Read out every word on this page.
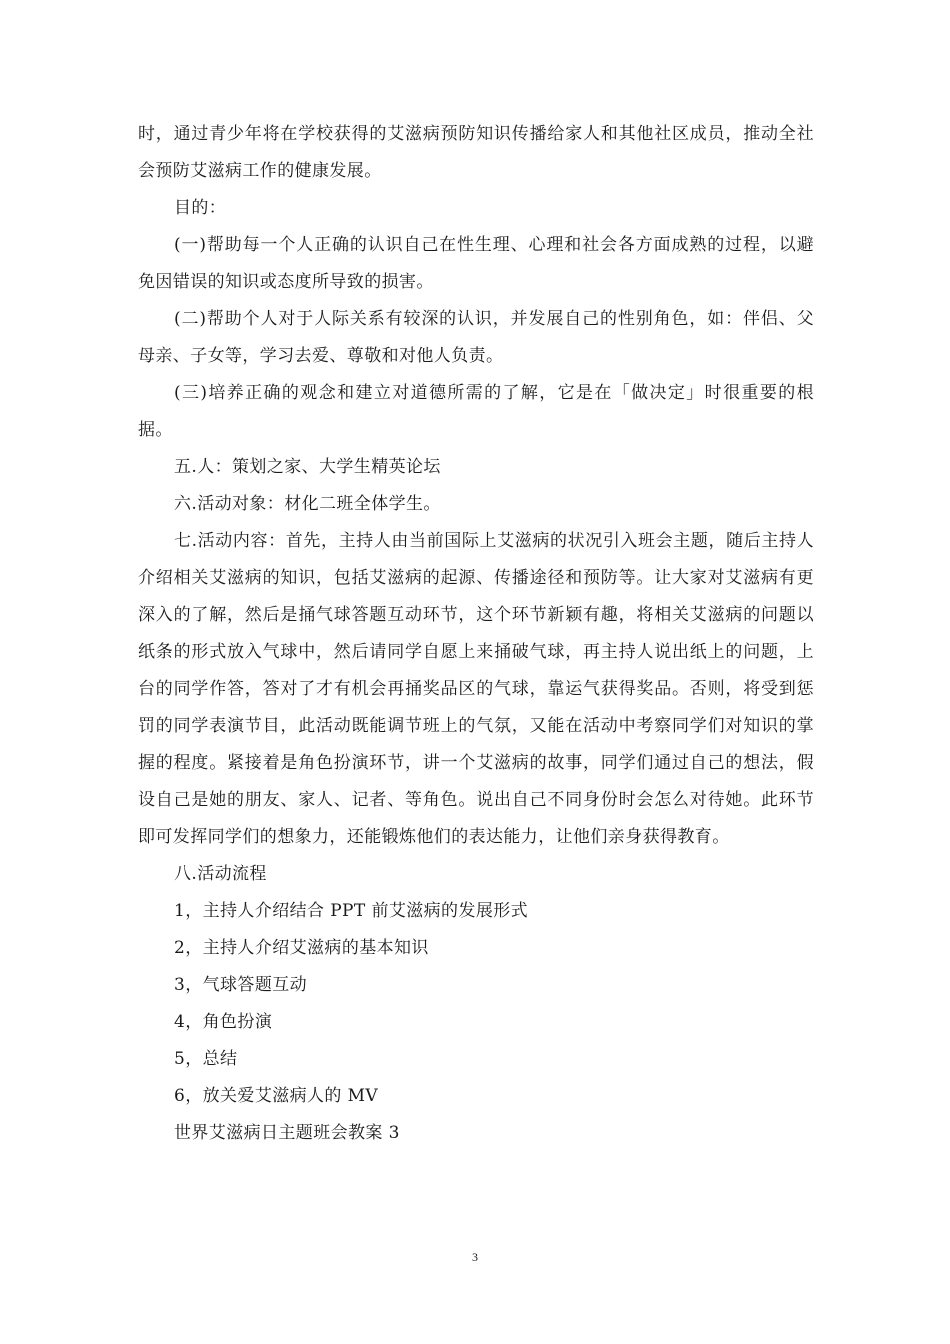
时，通过青少年将在学校获得的艾滋病预防知识传播给家人和其他社区成员，推动全社会预防艾滋病工作的健康发展。

目的：

(一)帮助每一个人正确的认识自己在性生理、心理和社会各方面成熟的过程，以避免因错误的知识或态度所导致的损害。

(二)帮助个人对于人际关系有较深的认识，并发展自己的性别角色，如：伴侣、父母亲、子女等，学习去爱、尊敬和对他人负责。

(三)培养正确的观念和建立对道德所需的了解，它是在「做决定」时很重要的根据。

五.人：策划之家、大学生精英论坛

六.活动对象：材化二班全体学生。

七.活动内容：首先，主持人由当前国际上艾滋病的状况引入班会主题，随后主持人介绍相关艾滋病的知识，包括艾滋病的起源、传播途径和预防等。让大家对艾滋病有更深入的了解，然后是捅气球答题互动环节，这个环节新颖有趣，将相关艾滋病的问题以纸条的形式放入气球中，然后请同学自愿上来捅破气球，再主持人说出纸上的问题，上台的同学作答，答对了才有机会再捅奖品区的气球，靠运气获得奖品。否则，将受到惩罚的同学表演节目，此活动既能调节班上的气氛，又能在活动中考察同学们对知识的掌握的程度。紧接着是角色扮演环节，讲一个艾滋病的故事，同学们通过自己的想法，假设自己是她的朋友、家人、记者、等角色。说出自己不同身份时会怎么对待她。此环节即可发挥同学们的想象力，还能锻炼他们的表达能力，让他们亲身获得教育。

八.活动流程

1，主持人介绍结合 PPT 前艾滋病的发展形式

2，主持人介绍艾滋病的基本知识

3，气球答题互动

4，角色扮演

5，总结

6，放关爱艾滋病人的 MV

世界艾滋病日主题班会教案 3

3
